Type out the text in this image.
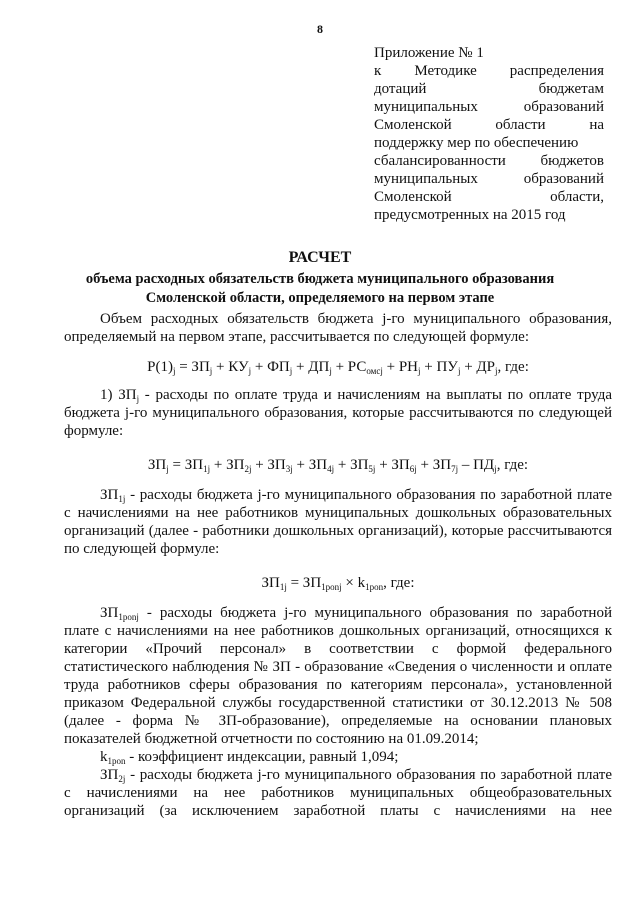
8
Приложение № 1
к Методике распределения
дотаций	бюджетам
муниципальных	образований
Смоленской	области	на
поддержку мер по обеспечению
сбалансированности бюджетов
муниципальных	образований
Смоленской	области,
предусмотренных на 2015 год
РАСЧЕТ
объема расходных обязательств бюджета муниципального образования
Смоленской области, определяемого на первом этапе

Объем расходных обязательств бюджета j-го муниципального образования, определяемый на первом этапе, рассчитывается по следующей формуле:

$Р(1)_j = ЗП_j + КУ_j + ФП_j + ДП_j + РС_{омсj} + РН_j + ПУ_j + ДР_j$, где:

1) $ЗП_j$ - расходы по оплате труда и начислениям на выплаты по оплате труда бюджета j-го муниципального образования, которые рассчитываются по следующей формуле:

$ЗП_j = ЗП_{1j} + ЗП_{2j} + ЗП_{3j} + ЗП_{4j} + ЗП_{5j} + ЗП_{6j} + ЗП_{7j} - ПД_j$, где:

$ЗП_{1j}$ - расходы бюджета j-го муниципального образования по заработной плате с начислениями на нее работников муниципальных дошкольных образовательных организаций (далее - работники дошкольных организаций), которые рассчитываются по следующей формуле:

$ЗП_{1j} = ЗП_{1ponj} \times k_{1pon}$, где:

$ЗП_{1ponj}$ - расходы бюджета j-го муниципального образования по заработной плате с начислениями на нее работников дошкольных организаций, относящихся к категории «Прочий персонал» в соответствии с формой федерального статистического наблюдения № ЗП - образование «Сведения о численности и оплате труда работников сферы образования по категориям персонала», установленной приказом Федеральной службы государственной статистики от 30.12.2013 № 508 (далее - форма № ЗП-образование), определяемые на основании плановых показателей бюджетной отчетности по состоянию на 01.09.2014;

$k_{1pon}$ - коэффициент индексации, равный 1,094;

$ЗП_{2j}$ - расходы бюджета j-го муниципального образования по заработной плате с начислениями на нее работников муниципальных общеобразовательных организаций (за исключением заработной платы с начислениями на нее
